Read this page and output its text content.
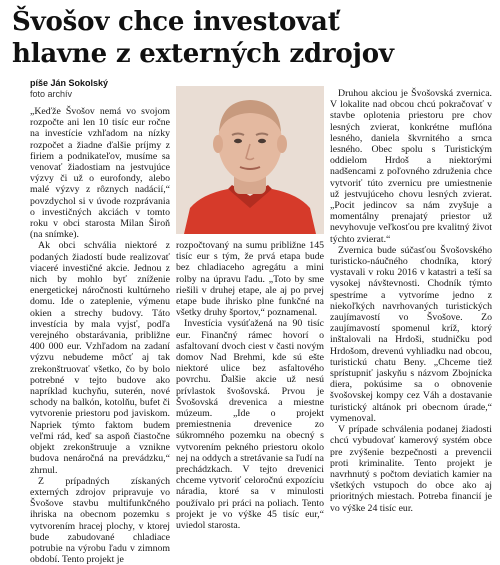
Švošov chce investovať
hlavne z externých zdrojov
píše Ján Sokolský
foto archív

„Keďže Švošov nemá vo svojom rozpočte ani len 10 tisíc eur ročne na investície vzhľadom na nízky rozpočet a žiadne ďalšie príjmy z firiem a podnikateľov, musíme sa venovať žiadostiam na jestvujúce výzvy či už o eurofondy, alebo malé výzvy z rôznych nadácií,“ povzdychol si v úvode rozprávania o investičných akciách v tomto roku v obci starosta Milan Široň (na snímke).

Ak obci schvália niektoré z podaných žiadostí bude realizovať viaceré investičné akcie. Jednou z nich by mohlo byť zníženie energetickej náročnosti kultúrneho domu. Ide o zateplenie, výmenu okien a strechy budovy. Táto investícia by mala vyjsť, podľa verejného obstarávania, približne 400 000 eur. Vzhľadom na zadaní výzvu nebudeme môcť aj tak zrekonštruovať všetko, čo by bolo potrebné v tejto budove ako napríklad kuchyňu, suterén, nové schody na balkón, kotolňu, bufet či vytvorenie priestoru pod javiskom. Napriek týmto faktom budem veľmi rád, keď sa aspoň čiastočne objekt zrekonštruuje a vznikne budova nenáročná na prevádzku,“ zhrnul.

Z prípadných získaných externých zdrojov pripravuje vo Švošove stavbu multifunkčného ihriska na obecnom pozemku s vytvorením hracej plochy, v ktorej bude zabudované chladiace potrubie na výrobu ľadu v zimnom období. Tento projekt je

rozpočtovaný na sumu približne 145 tisíc eur s tým, že prvá etapa bude bez chladiaceho agregátu a mini rolby na úpravu ľadu. „Toto by sme riešili v druhej etape, ale aj po prvej etape bude ihrisko plne funkčné na všetky druhy športov,“ poznamenal.

Investícia vysúťažená na 90 tisíc eur. Finančný rámec hovorí o asfaltovaní dvoch ciest v časti novým domov Nad Brehmi, kde sú ešte niektoré ulice bez asfaltového povrchu. Ďalšie akcie už nesú prívlastok švošovská. Prvou je Švošovská drevenica a miestne múzeum. „Ide o projekt premiestnenia drevenice zo súkromného pozemku na obecný s vytvorením pekného priestoru okolo nej na oddych a stretávanie sa ľudí na prechádzkach. V tejto drevenici chceme vytvoriť celoročnú expozíciu náradia, ktoré sa v minulosti používalo pri práci na poliach. Tento projekt je vo výške 45 tisíc eur,“ uviedol starosta.

Druhou akciou je Švošovská zvernica. V lokalite nad obcou chcú pokračovať v stavbe oplotenia priestoru pre chov lesných zvierat, konkrétne muflóna lesného, daniela škvrnitého a srnca lesného. Obec spolu s Turistickým oddielom Hrdoš a niektorými nadšencami z poľovného združenia chce vytvoriť túto zvernicu pre umiestnenie už jestvujúceho chovu lesných zvierat. „Pocit jedincov sa nám zvyšuje a momentálny prenajatý priestor už nevyhovuje veľkosťou pre kvalitný život týchto zvierat.“

Zvernica bude súčasťou Švošovského turisticko-náučného chodníka, ktorý vystavali v roku 2016 v katastri a teší sa vysokej návštevnosti. Chodník týmto spestríme a vytvoríme jedno z niekoľkých navrhovaných turistických zaujímavostí vo Švošove. Zo zaujímavostí spomenul kríž, ktorý inštalovali na Hrdoši, studničku pod Hrdošom, drevenú vyhliadku nad obcou, turistickú chatu Beny. „Chceme tiež sprístupniť jaskyňu s názvom Zbojnícka diera, pokúsime sa o obnovenie švošovskej kompy cez Váh a dostavanie turistický altánok pri obecnom úrade,“ vymenoval.

V prípade schválenia podanej žiadosti chcú vybudovať kamerový systém obce pre zvýšenie bezpečnosti a prevencii proti kriminalite. Tento projekt je navrhnutý s počtom deviatich kamier na všetkých vstupoch do obce ako aj prioritných miestach. Potreba financií je vo výške 24 tisíc eur.
